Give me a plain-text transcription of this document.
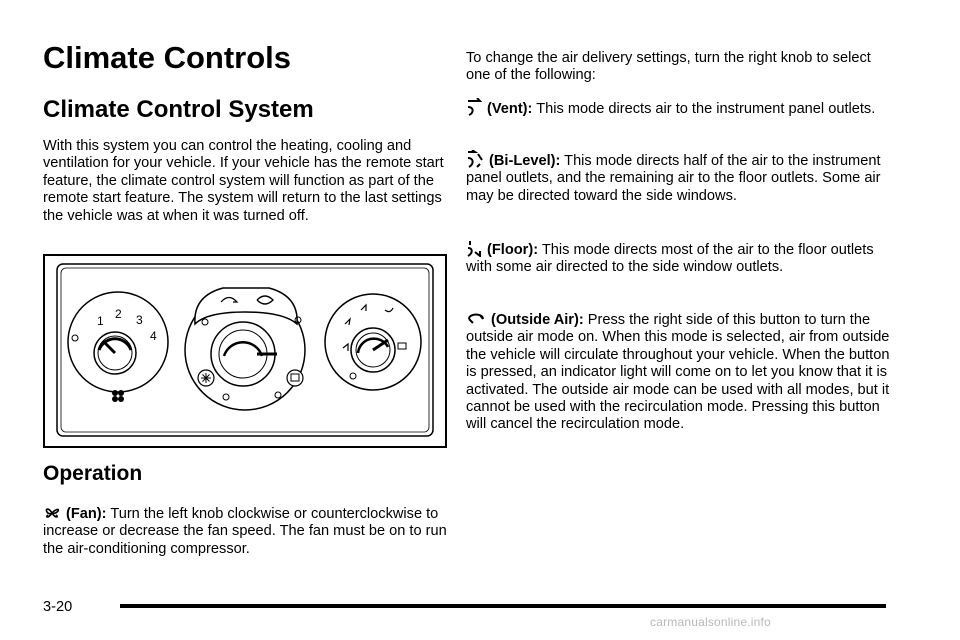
Climate Controls
Climate Control System

With this system you can control the heating, cooling and ventilation for your vehicle. If your vehicle has the remote start feature, the climate control system will function as part of the remote start feature. The system will return to the last settings the vehicle was at when it was turned off.

1 2 3
4
Operation

(Fan): Turn the left knob clockwise or counterclockwise to increase or decrease the fan speed. The fan must be on to run the air-conditioning compressor.

To change the air delivery settings, turn the right knob to select one of the following:

(Vent): This mode directs air to the instrument panel outlets.

(Bi-Level): This mode directs half of the air to the instrument panel outlets, and the remaining air to the floor outlets. Some air may be directed toward the side windows.

(Floor): This mode directs most of the air to the floor outlets with some air directed to the side window outlets.

(Outside Air): Press the right side of this button to turn the outside air mode on. When this mode is selected, air from outside the vehicle will circulate throughout your vehicle. When the button is pressed, an indicator light will come on to let you know that it is activated. The outside air mode can be used with all modes, but it cannot be used with the recirculation mode. Pressing this button will cancel the recirculation mode.

3-20
carmanualsonline.info
